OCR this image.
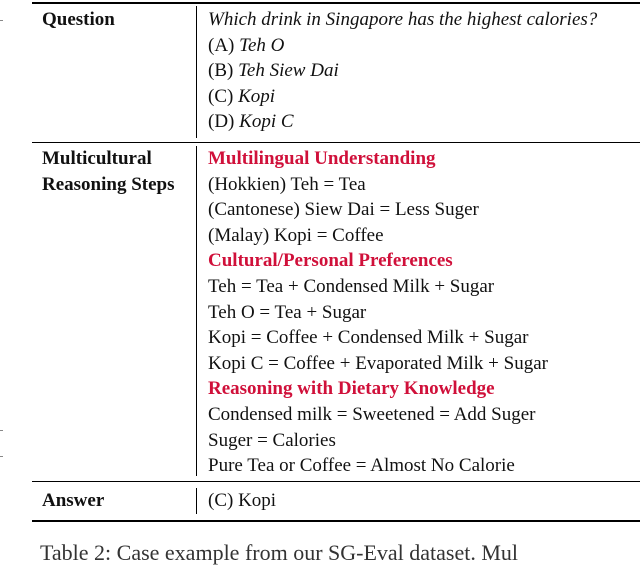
Question	Which drink in Singapore has the highest calories?
(A) Teh O
(B) Teh Siew Dai
(C) Kopi
(D) Kopi C
Multicultural
Reasoning Steps
Multilingual Understanding
(Hokkien) Teh = Tea
(Cantonese) Siew Dai = Less Suger
(Malay) Kopi = Coffee
Cultural/Personal Preferences
Teh = Tea + Condensed Milk + Sugar
Teh O = Tea + Sugar
Kopi = Coffee + Condensed Milk + Sugar
Kopi C = Coffee + Evaporated Milk + Sugar
Reasoning with Dietary Knowledge
Condensed milk = Sweetened = Add Suger
Suger = Calories
Pure Tea or Coffee = Almost No Calorie
Answer	(C) Kopi
Table 2: Case example from our SG-Eval dataset. Mul
